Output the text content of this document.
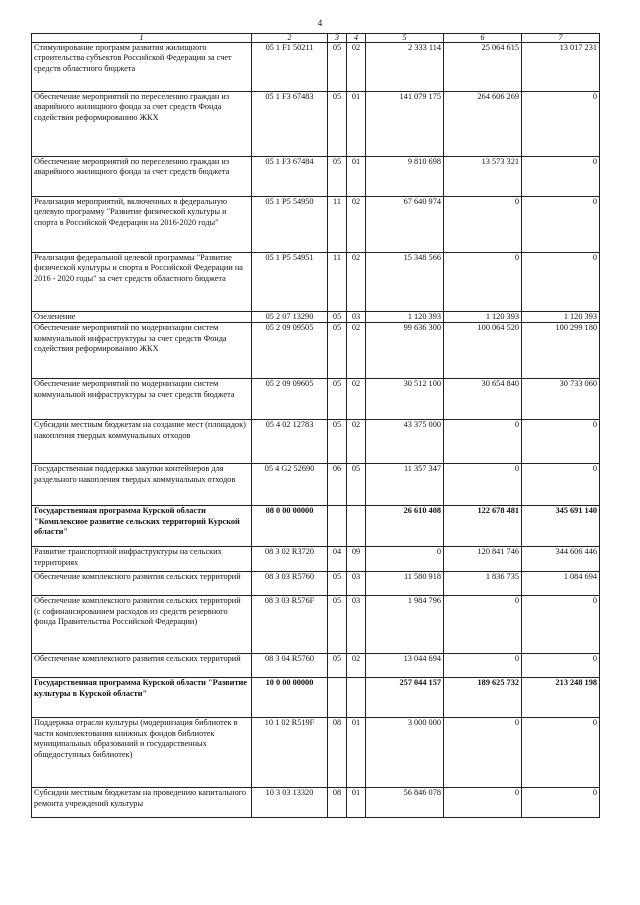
4
1	2	3	4	5	6	7
Стимулирование программ развития жилищного строительства субъектов Российской Федерации за счет средств областного бюджета	05 1 F1 50211	05	02	2 333 114	25 064 615	13 017 231
Обеспечение мероприятий по переселению граждан из аварийного жилищного фонда за счет средств Фонда содействия реформированию ЖКХ	05 1 F3 67483	05	01	141 079 175	264 606 269	0
Обеспечение мероприятий по переселению граждан из аварийного жилищного фонда за счет средств бюджета	05 1 F3 67484	05	01	9 810 698	13 573 321	0
Реализация мероприятий, включенных в федеральную целевую программу "Развитие физической культуры и спорта в Российской Федерации на 2016-2020 годы"	05 1 P5 54950	11	02	67 640 974	0	0
Реализация федеральной целевой программы "Развитие физической культуры и спорта в Российской Федерации на 2016 - 2020 годы" за счет средств областного бюджета	05 1 P5 54951	11	02	15 348 566	0	0
Озеленение	05 2 07 13290	05	03	1 120 393	1 120 393	1 120 393
Обеспечение мероприятий по модернизации систем коммунальной инфраструктуры за счет средств Фонда содействия реформированию ЖКХ	05 2 09 09505	05	02	99 636 300	100 064 520	100 299 180
Обеспечение мероприятий по модернизации систем коммунальной инфраструктуры за счет средств бюджета	05 2 09 09605	05	02	30 512 100	30 654 840	30 733 060
Субсидии местным бюджетам на создание мест (площадок) накопления твердых коммунальных отходов	05 4 02 12783	05	02	43 375 000	0	0
Государственная поддержка закупки контейнеров для раздельного накопления твердых коммунальных отходов	05 4 G2 52690	06	05	11 357 347	0	0
Государственная программа Курской области "Комплексное развитие сельских территорий Курской области"	08 0 00 00000			26 610 408	122 678 481	345 691 140
Развитие транспортной инфраструктуры на сельских территориях	08 3 02 R3720	04	09	0	120 841 746	344 606 446
Обеспечение комплексного развития сельских территорий	08 3 03 R5760	05	03	11 580 918	1 836 735	1 084 694
Обеспечение комплексного развития сельских территорий (с софинансированием расходов из средств резервного фонда Правительства Российской Федерации)	08 3 03 R576F	05	03	1 984 796	0	0
Обеспечение комплексного развития сельских территорий	08 3 04 R5760	05	02	13 044 694	0	0
Государственная программа Курской области "Развитие культуры в Курской области"	10 0 00 00000			257 044 157	189 625 732	213 248 198
Поддержка отрасли культуры (модернизация библиотек в части комплектования книжных фондов библиотек муниципальных образований и государственных общедоступных библиотек)	10 1 02 R519F	08	01	3 000 000	0	0
Субсидии местным бюджетам на проведению капитального ремонта учреждений культуры	10 3 03 13320	08	01	56 846 078	0	0
